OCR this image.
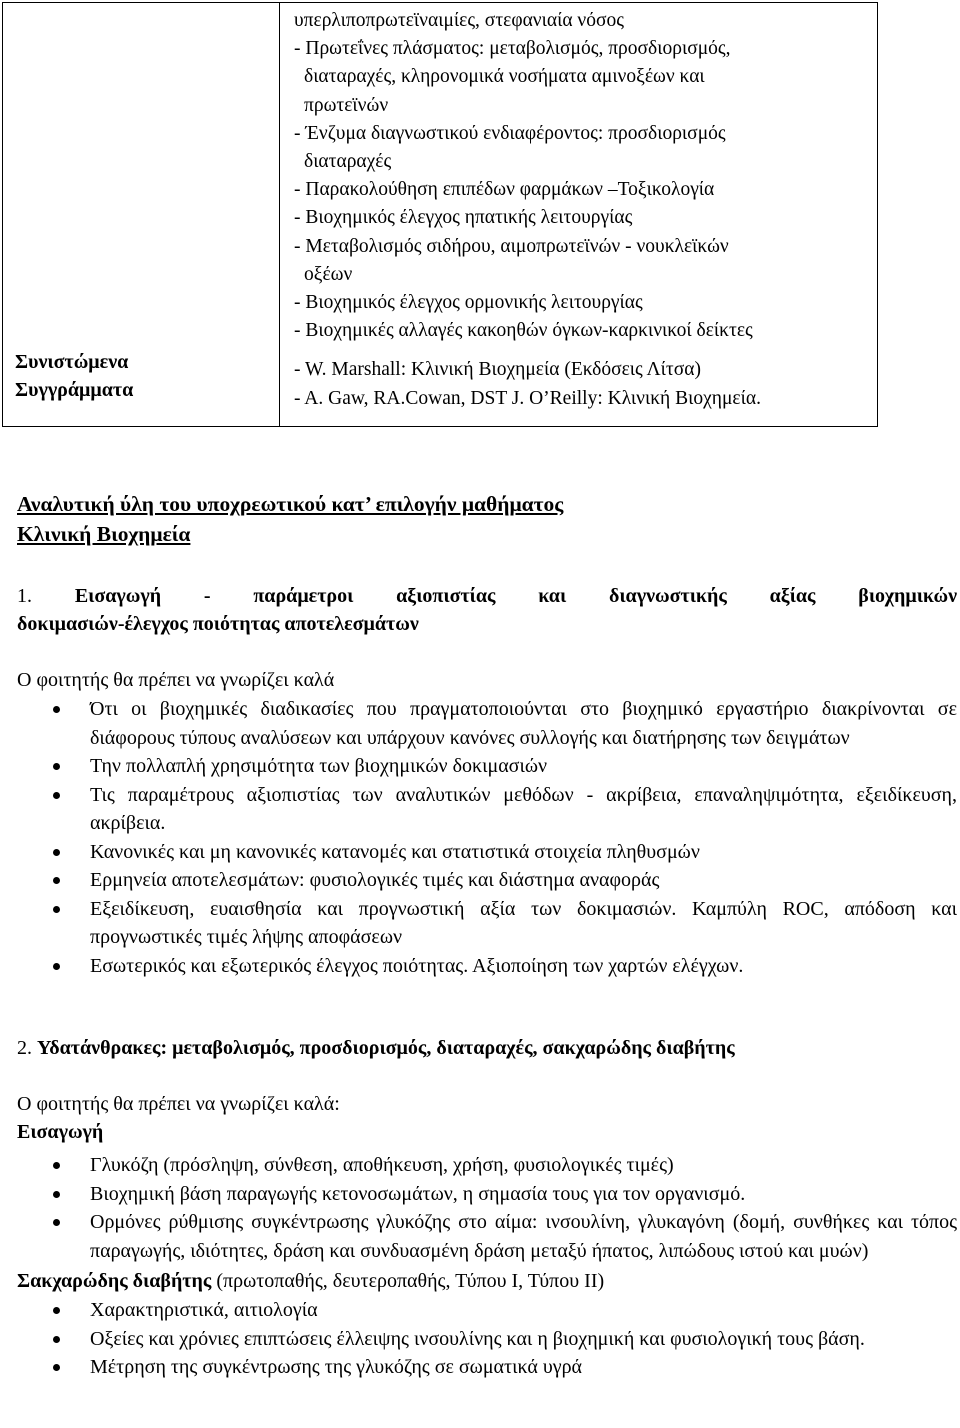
Συνιστώμενα
Συγγράμματα
υπερλιποπρωτεϊναιμίες, στεφανιαία νόσος
- Πρωτεΐνες πλάσματος: μεταβολισμός, προσδιορισμός,
διαταραχές, κληρονομικά νοσήματα αμινοξέων και
πρωτεϊνών
- Ένζυμα διαγνωστικού ενδιαφέροντος: προσδιορισμός
διαταραχές
- Παρακολούθηση επιπέδων φαρμάκων –Τοξικολογία
- Βιοχημικός έλεγχος ηπατικής λειτουργίας
- Μεταβολισμός σιδήρου, αιμοπρωτεϊνών - νουκλεϊκών
οξέων
- Βιοχημικός έλεγχος ορμονικής λειτουργίας
- Βιοχημικές αλλαγές κακοηθών όγκων-καρκινικοί δείκτες
- W. Marshall: Κλινική Βιοχημεία (Εκδόσεις Λίτσα)
- A. Gaw, RA.Cowan, DST J. O’Reilly: Κλινική Βιοχημεία.
Αναλυτική ύλη του υποχρεωτικού κατ’ επιλογήν μαθήματος
Κλινική Βιοχημεία
1. Εισαγωγή - παράμετροι αξιοπιστίας και διαγνωστικής αξίας βιοχημικών
δοκιμασιών-έλεγχος ποιότητας αποτελεσμάτων
Ο φοιτητής θα πρέπει να γνωρίζει καλά
Ότι οι βιοχημικές διαδικασίες που πραγματοποιούνται στο βιοχημικό εργαστήριο διακρίνονται σε διάφορους τύπους αναλύσεων και υπάρχουν κανόνες συλλογής και διατήρησης των δειγμάτων
Την πολλαπλή χρησιμότητα των βιοχημικών δοκιμασιών
Τις παραμέτρους αξιοπιστίας των αναλυτικών μεθόδων - ακρίβεια, επαναληψιμότητα, εξειδίκευση, ακρίβεια.
Κανονικές και μη κανονικές κατανομές και στατιστικά στοιχεία πληθυσμών
Ερμηνεία αποτελεσμάτων: φυσιολογικές τιμές και διάστημα αναφοράς
Εξειδίκευση, ευαισθησία και προγνωστική αξία των δοκιμασιών. Καμπύλη ROC, απόδοση και προγνωστικές τιμές λήψης αποφάσεων
Εσωτερικός και εξωτερικός έλεγχος ποιότητας. Αξιοποίηση των χαρτών ελέγχων.
2. Υδατάνθρακες: μεταβολισμός, προσδιορισμός, διαταραχές, σακχαρώδης διαβήτης
Ο φοιτητής θα πρέπει να γνωρίζει καλά:
Εισαγωγή
Γλυκόζη (πρόσληψη, σύνθεση, αποθήκευση, χρήση, φυσιολογικές τιμές)
Βιοχημική βάση παραγωγής κετονοσωμάτων, η σημασία τους για τον οργανισμό.
Ορμόνες ρύθμισης συγκέντρωσης γλυκόζης στο αίμα: ινσουλίνη, γλυκαγόνη (δομή, συνθήκες και τόπος παραγωγής, ιδιότητες, δράση και συνδυασμένη δράση μεταξύ ήπατος, λιπώδους ιστού και μυών)
Σακχαρώδης διαβήτης (πρωτοπαθής, δευτεροπαθής, Τύπου Ι, Τύπου ΙΙ)
Χαρακτηριστικά, αιτιολογία
Οξείες και χρόνιες επιπτώσεις έλλειψης ινσουλίνης και η βιοχημική και φυσιολογική τους βάση.
Μέτρηση της συγκέντρωσης της γλυκόζης σε σωματικά υγρά
